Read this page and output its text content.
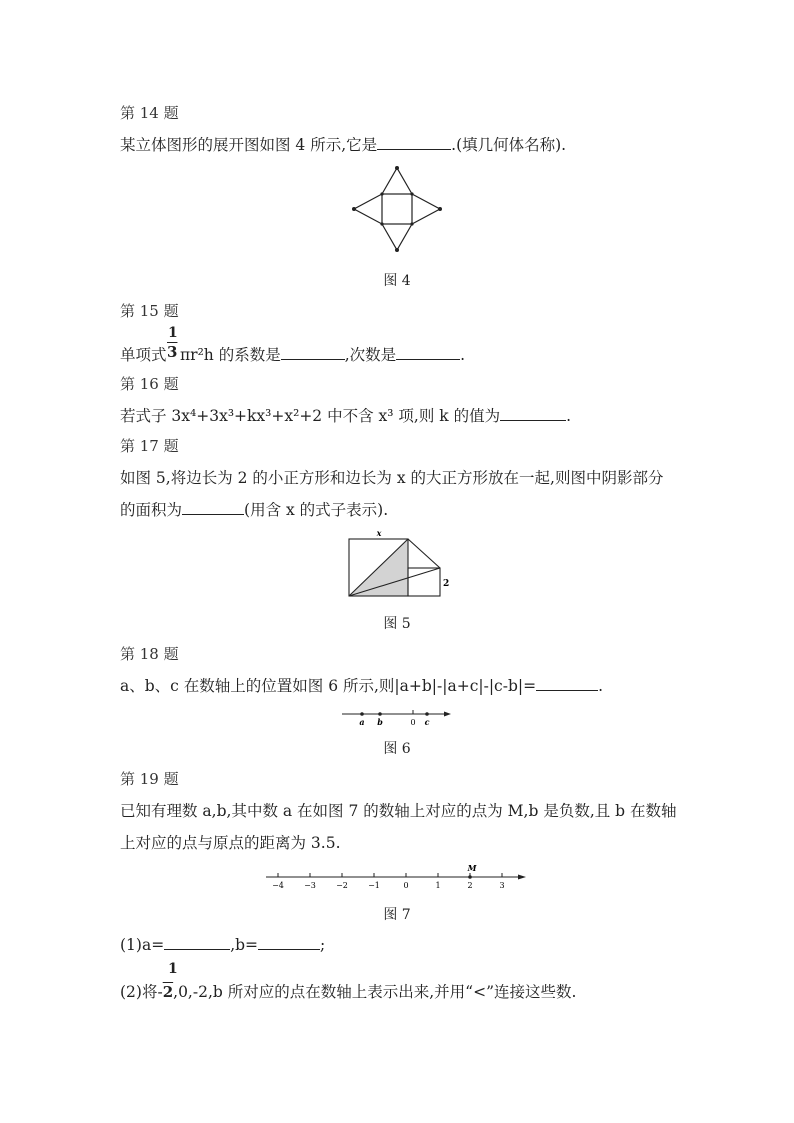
第 14 题
某立体图形的展开图如图 4 所示,它是	.(填几何体名称).
图 4
第 15 题
单项式
1
3 πr²h 的系数是	,次数是	.
第 16 题
若式子 3x⁴+3x³+kx³+x²+2 中不含 x³ 项,则 k 的值为	.
第 17 题
如图 5,将边长为 2 的小正方形和边长为 x 的大正方形放在一起,则图中阴影部分
的面积为	(用含 x 的式子表示).
x
2
图 5
第 18 题
a、b、c 在数轴上的位置如图 6 所示,则|a+b|-|a+c|-|c-b|=	.
a b	0 c
图 6
第 19 题
已知有理数 a,b,其中数 a 在如图 7 的数轴上对应的点为 M,b 是负数,且 b 在数轴
上对应的点与原点的距离为 3.5.
−4	−3	−2	−1	0	1	2	3
M
图 7
(1)a=	,b=	;
1
(2)将-2,0,-2,b 所对应的点在数轴上表示出来,并用“<”连接这些数.
